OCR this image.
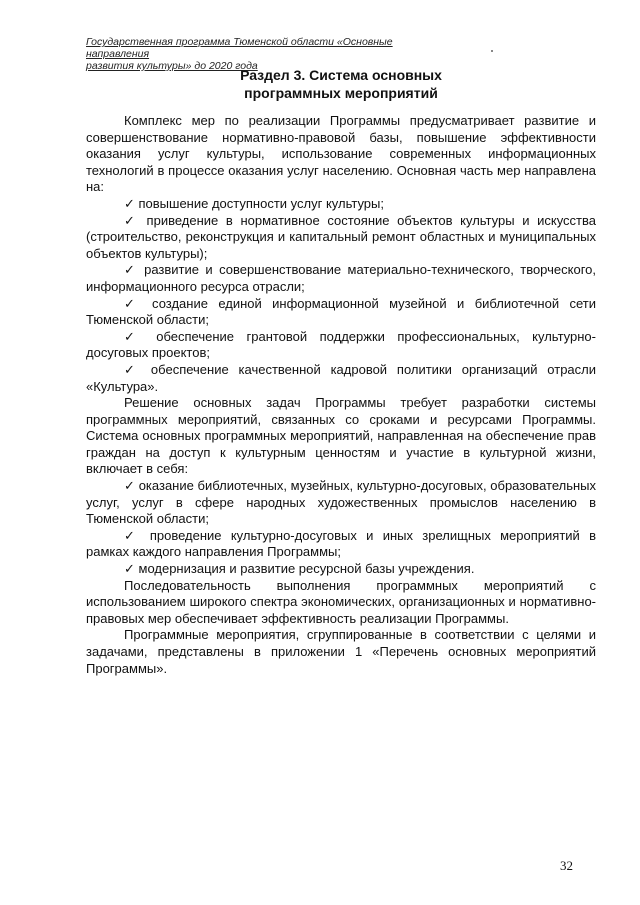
Государственная программа Тюменской области «Основные направления
развития культуры» до 2020 года
Раздел 3. Система основных
программных мероприятий

Комплекс мер по реализации Программы предусматривает развитие и совершенствование нормативно-правовой базы, повышение эффективности оказания услуг культуры, использование современных информационных технологий в процессе оказания услуг населению. Основная часть мер направлена на:

✓ повышение доступности услуг культуры;

✓ приведение в нормативное состояние объектов культуры и искусства (строительство, реконструкция и капитальный ремонт областных и муниципальных объектов культуры);

✓ развитие и совершенствование материально-технического, творческого, информационного ресурса отрасли;

✓ создание единой информационной музейной и библиотечной сети Тюменской области;

✓ обеспечение грантовой поддержки профессиональных, культурно-досуговых проектов;

✓ обеспечение качественной кадровой политики организаций отрасли «Культура».

Решение основных задач Программы требует разработки системы программных мероприятий, связанных со сроками и ресурсами Программы. Система основных программных мероприятий, направленная на обеспечение прав граждан на доступ к культурным ценностям и участие в культурной жизни, включает в себя:

✓ оказание библиотечных, музейных, культурно-досуговых, образовательных услуг, услуг в сфере народных художественных промыслов населению в Тюменской области;

✓ проведение культурно-досуговых и иных зрелищных мероприятий в рамках каждого направления Программы;

✓ модернизация и развитие ресурсной базы учреждения.

Последовательность выполнения программных мероприятий с использованием широкого спектра экономических, организационных и нормативно-правовых мер обеспечивает эффективность реализации Программы.

Программные мероприятия, сгруппированные в соответствии с целями и задачами, представлены в приложении 1 «Перечень основных мероприятий Программы».

32
